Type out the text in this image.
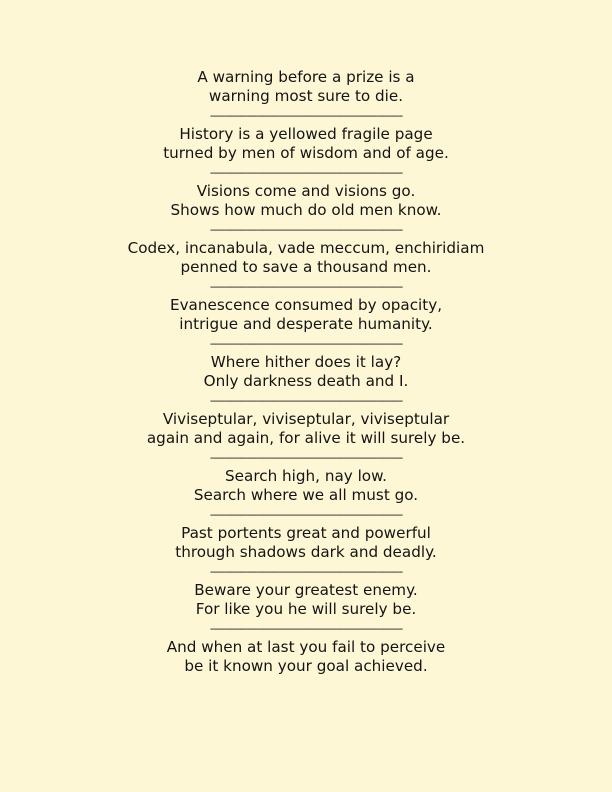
A warning before a prize is a
warning most sure to die.
-------------------------------------------------------------------
History is a yellowed fragile page
turned by men of wisdom and of age.
-------------------------------------------------------------------
Visions come and visions go.
Shows how much do old men know.
-------------------------------------------------------------------
Codex, incanabula, vade meccum, enchiridiam
penned to save a thousand men.
-------------------------------------------------------------------
Evanescence consumed by opacity,
intrigue and desperate humanity.
-------------------------------------------------------------------
Where hither does it lay?
Only darkness death and I.
-------------------------------------------------------------------
Viviseptular, viviseptular, viviseptular
again and again, for alive it will surely be.
-------------------------------------------------------------------
Search high, nay low.
Search where we all must go.
-------------------------------------------------------------------
Past portents great and powerful
through shadows dark and deadly.
-------------------------------------------------------------------
Beware your greatest enemy.
For like you he will surely be.
-------------------------------------------------------------------
And when at last you fail to perceive
be it known your goal achieved.
